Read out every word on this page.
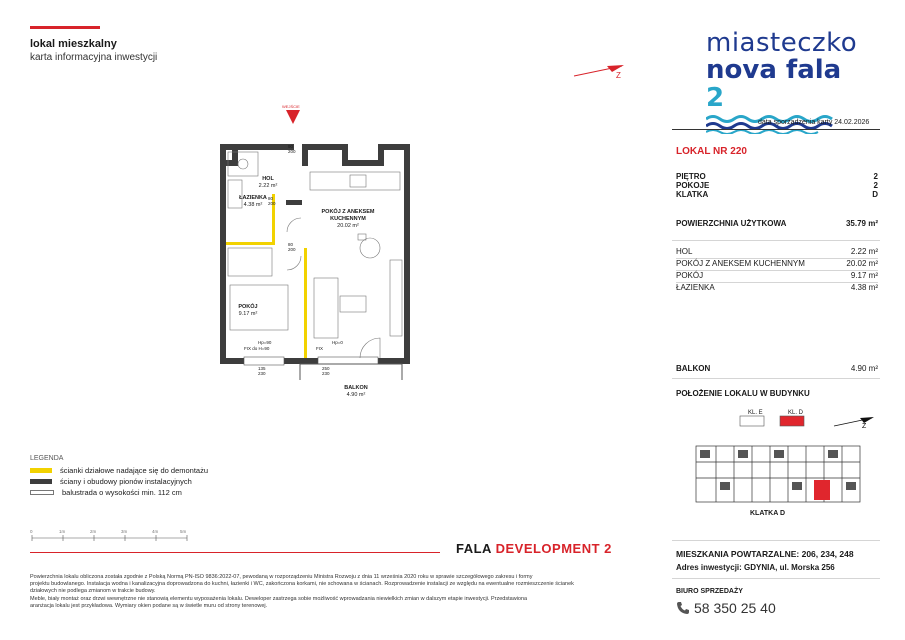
lokal mieszkalny
karta informacyjna inwestycji	miasteczko
nova fala 2
Z
data sporządzenia karty 24.02.2026
LOKAL NR 220
PIĘTRO	2
POKOJE	2
KLATKA	D
POWIERZCHNIA UŻYTKOWA	35.79 m²
HOL	2.22 m²
POKÓJ Z ANEKSEM KUCHENNYM	20.02 m²
POKÓJ	9.17 m²
ŁAZIENKA	4.38 m²
BALKON	4.90 m²
POŁOŻENIE LOKALU W BUDYNKU
Z
KL. E	KL. D
KLATKA D
MIESZKANIA POWTARZALNE: 206, 234, 248
Adres inwestycji: GDYNIA, ul. Morska 256
BIURO SPRZEDAŻY
58 350 25 40
WEJŚCIE
HOL
2.22 m²
ŁAZIENKA
4.38 m²
POKÓJ Z ANEKSEM
KUCHENNYM
20.02 m²
POKÓJ
9.17 m²
BALKON
4.90 m²
90
200
80
200
80
200
Hp=90
FIX do H=90	FIX
Hp=0
135
230
250
230
LEGENDA
ścianki działowe nadające się do demontażu
ściany i obudowy pionów instalacyjnych
balustrada o wysokości min. 112 cm
0	1m	2m	3m	4m	5m
FALA DEVELOPMENT 2
Powierzchnia lokalu obliczona została zgodnie z Polską Normą PN-ISO 9836:2022-07, pewodaną w rozporządzeniu Ministra Rozwoju z dnia 11 września 2020 roku w sprawie szczegółowego zakresu i formy
projektu budowlanego. Instalacja wodna i kanalizacyjna doprowadzona do kuchni, łazienki i WC, zakończona korkami, nie schowana w ścianach. Rozprowadzenie instalacji ze względu na ewentualne rozmieszczenie ścianek działowych nie podlega zmianom w trakcie budowy.
Meble, biały montaż oraz drzwi wewnętrzne nie stanowią elementu wyposażenia lokalu. Deweloper zastrzega sobie możliwość wprowadzania niewielkich zmian w dalszym etapie inwestycji. Przedstawiona
aranżacja lokalu jest przykładowa. Wymiary okien podane są w świetle muru od strony terenowej.
